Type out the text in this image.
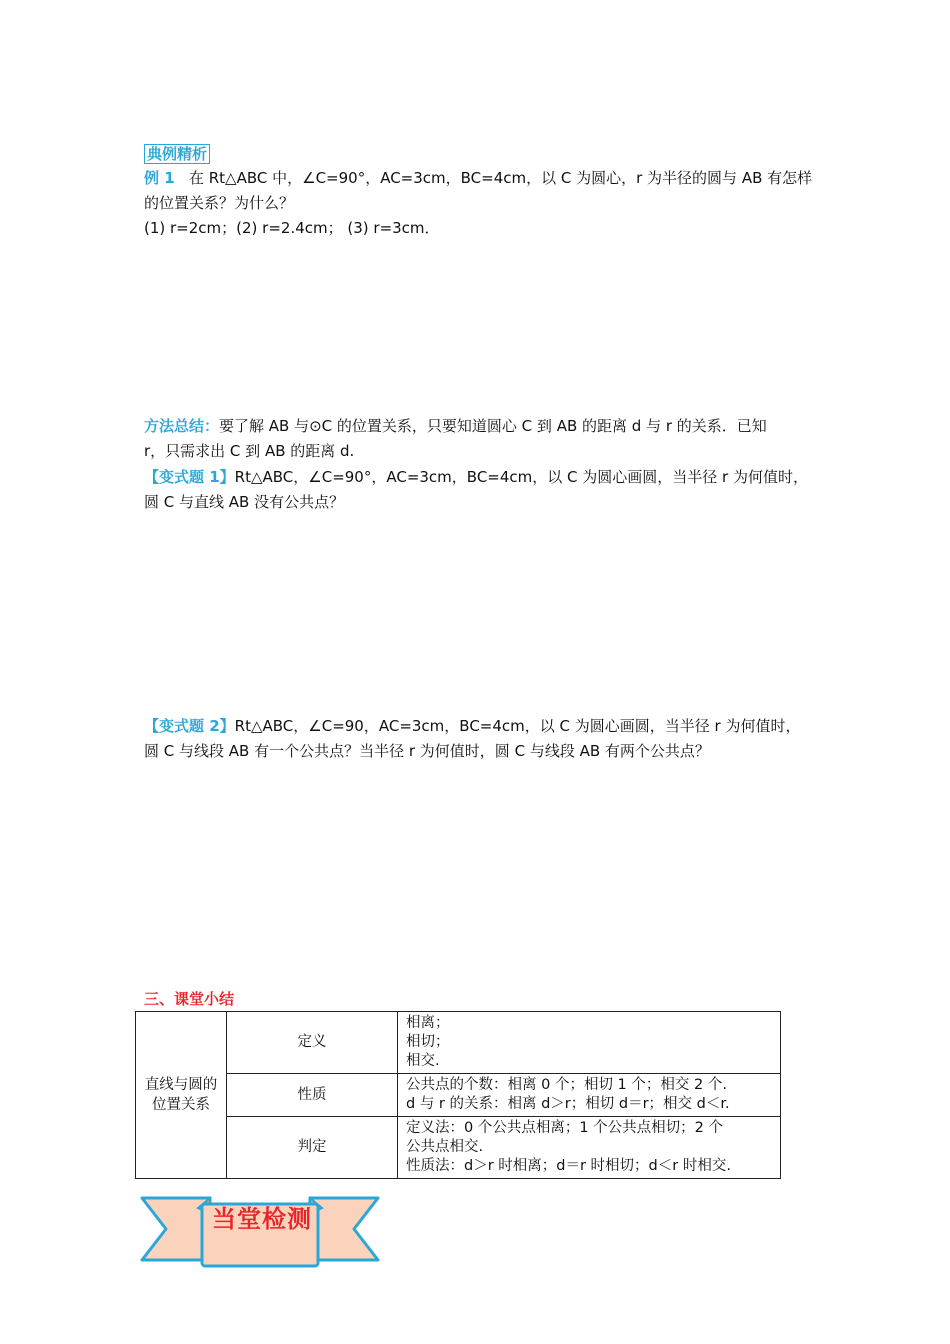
典例精析
例 1 在 Rt△ABC 中，∠C=90°，AC=3cm，BC=4cm，以 C 为圆心，r 为半径的圆与 AB 有怎样
的位置关系？为什么？
(1) r=2cm；(2) r=2.4cm； (3) r=3cm．
方法总结：要了解 AB 与⊙C 的位置关系，只要知道圆心 C 到 AB 的距离 d 与 r 的关系．已知
r，只需求出 C 到 AB 的距离 d.
【变式题 1】Rt△ABC，∠C=90°，AC=3cm，BC=4cm，以 C 为圆心画圆，当半径 r 为何值时，
圆 C 与直线 AB 没有公共点？
【变式题 2】Rt△ABC，∠C=90，AC=3cm，BC=4cm，以 C 为圆心画圆，当半径 r 为何值时，
圆 C 与线段 AB 有一个公共点？当半径 r 为何值时，圆 C 与线段 AB 有两个公共点？
三、课堂小结
直线与圆的位置关系	定义	相离；
相切；
相交.

	性质	公共点的个数：相离 0 个；相切 1 个；相交 2 个.
d 与 r 的关系：相离 d＞r；相切 d＝r；相交 d＜r.

	判定	定义法：0 个公共点相离；1 个公共点相切；2 个
公共点相交.
性质法：d＞r 时相离；d＝r 时相切；d＜r 时相交.
当堂检测
